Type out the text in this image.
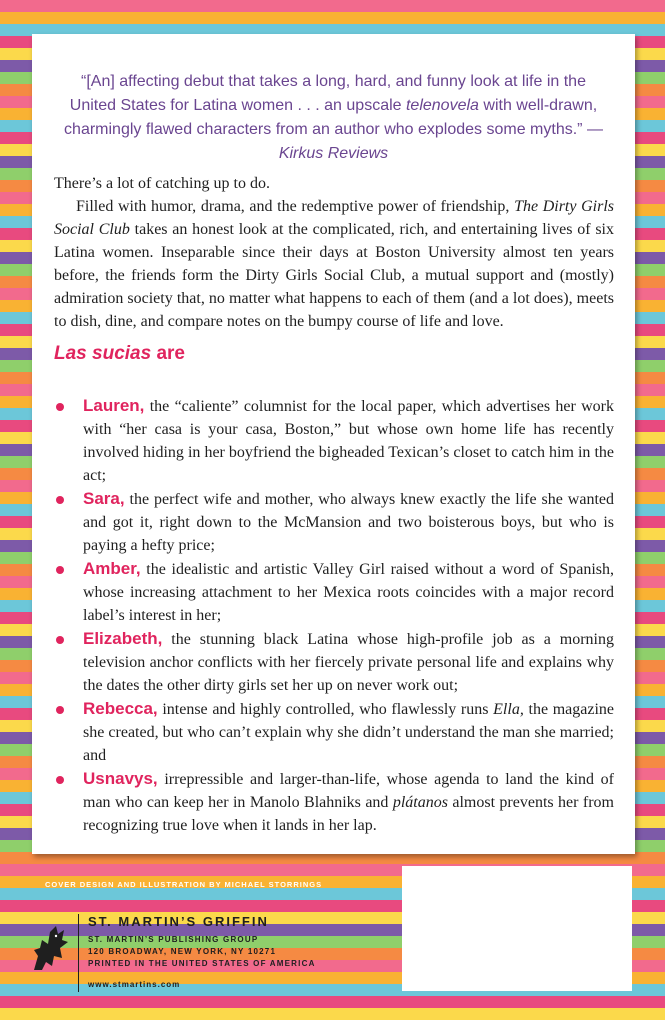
“[An] affecting debut that takes a long, hard, and funny look at life in the United States for Latina women . . . an upscale telenovela with well-drawn, charmingly flawed characters from an author who explodes some myths.” —Kirkus Reviews

There’s a lot of catching up to do.

Filled with humor, drama, and the redemptive power of friendship, The Dirty Girls Social Club takes an honest look at the complicated, rich, and entertaining lives of six Latina women. Inseparable since their days at Boston University almost ten years before, the friends form the Dirty Girls Social Club, a mutual support and (mostly) admiration society that, no matter what happens to each of them (and a lot does), meets to dish, dine, and compare notes on the bumpy course of life and love.

Las sucias are
Lauren, the “caliente” columnist for the local paper, which advertises her work with “her casa is your casa, Boston,” but whose own home life has recently involved hiding in her boyfriend the bigheaded Texican’s closet to catch him in the act;
Sara, the perfect wife and mother, who always knew exactly the life she wanted and got it, right down to the McMansion and two boisterous boys, but who is paying a hefty price;
Amber, the idealistic and artistic Valley Girl raised without a word of Spanish, whose increasing attachment to her Mexica roots coincides with a major record label’s interest in her;
Elizabeth, the stunning black Latina whose high-profile job as a morning television anchor conflicts with her fiercely private personal life and explains why the dates the other dirty girls set her up on never work out;
Rebecca, intense and highly controlled, who flawlessly runs Ella, the magazine she created, but who can’t explain why she didn’t understand the man she married; and
Usnavys, irrepressible and larger-than-life, whose agenda to land the kind of man who can keep her in Manolo Blahniks and plátanos almost prevents her from recognizing true love when it lands in her lap.
COVER DESIGN AND ILLUSTRATION BY MICHAEL STORRINGS
ST. MARTIN’S GRIFFIN
ST. MARTIN’S PUBLISHING GROUP
120 BROADWAY, NEW YORK, NY 10271
PRINTED IN THE UNITED STATES OF AMERICA
www.stmartins.com
